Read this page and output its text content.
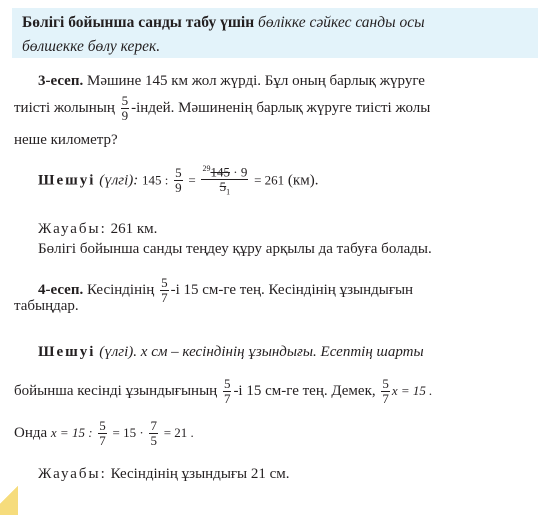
Бөлігі бойынша санды табу үшін бөлікке сәйкес санды осы
бөлшекке бөлу керек.
3-есеп. Мәшине 145 км жол жүрді. Бұл оның барлық жүруге
тиісті жолының $\frac{5}{9}$ -індей. Мәшиненің барлық жүруге тиісті жолы
неше километр?
Шешуі (үлгі): 145 : $\frac{5}{9} = \frac{^{29}145 \cdot 9}{5_1} = 261$ (км).
Жауабы: 261 км.
Бөлігі бойынша санды теңдеу құру арқылы да табуға болады.
4-есеп. Кесіндінің $\frac{5}{7} -і$ 15 см-ге тең. Кесіндінің ұзындығын
табыңдар.
Шешуі (үлгі). x см – кесіндінің ұзындығы. Есептің шарты
бойынша кесінді ұзындығының $\frac{5}{7} -і$ 15 см-ге тең. Демек, $\frac{5}{7}$ x = 15 .
Онда x = 15 : $\frac{5}{7} = 15 \cdot \frac{7}{5} = 21$ .
Жауабы: Кесіндінің ұзындығы 21 см.
